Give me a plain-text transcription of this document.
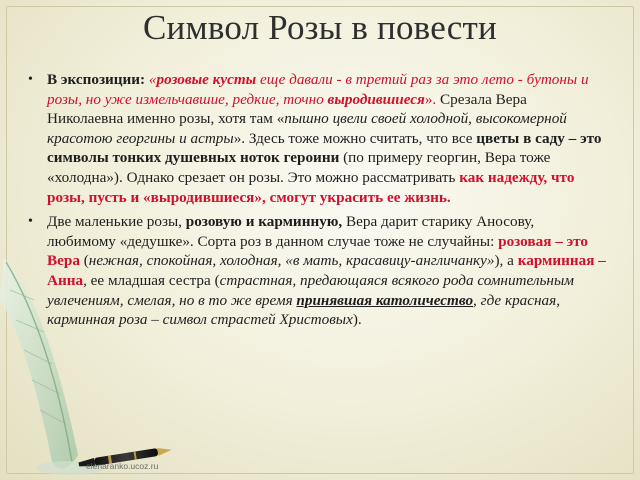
Символ Розы в повести
• В экспозиции: «розовые кусты еще давали - в третий раз за это лето - бутоны и розы, но уже измельчавшие, редкие, точно выродившиеся». Срезала Вера Николаевна именно розы, хотя там «пышно цвели своей холодной, высокомерной красотою георгины и астры». Здесь тоже можно считать, что все цветы в саду – это символы тонких душевных ноток героини (по примеру георгин, Вера тоже «холодна»). Однако срезает он розы. Это можно рассматривать как надежду, что розы, пусть и «выродившиеся», смогут украсить ее жизнь.
• Две маленькие розы, розовую и карминную, Вера дарит старику Аносову, любимому «дедушке». Сорта роз в данном случае тоже не случайны: розовая – это Вера (нежная, спокойная, холодная, «в мать, красавицу-англичанку»), а карминная – Анна, ее младшая сестра (страстная, предающаяся всякого рода сомнительным увлечениям, смелая, но в то же время принявшая католичество, где красная, карминная роза – символ страстей Христовых).
elenaranko.ucoz.ru
